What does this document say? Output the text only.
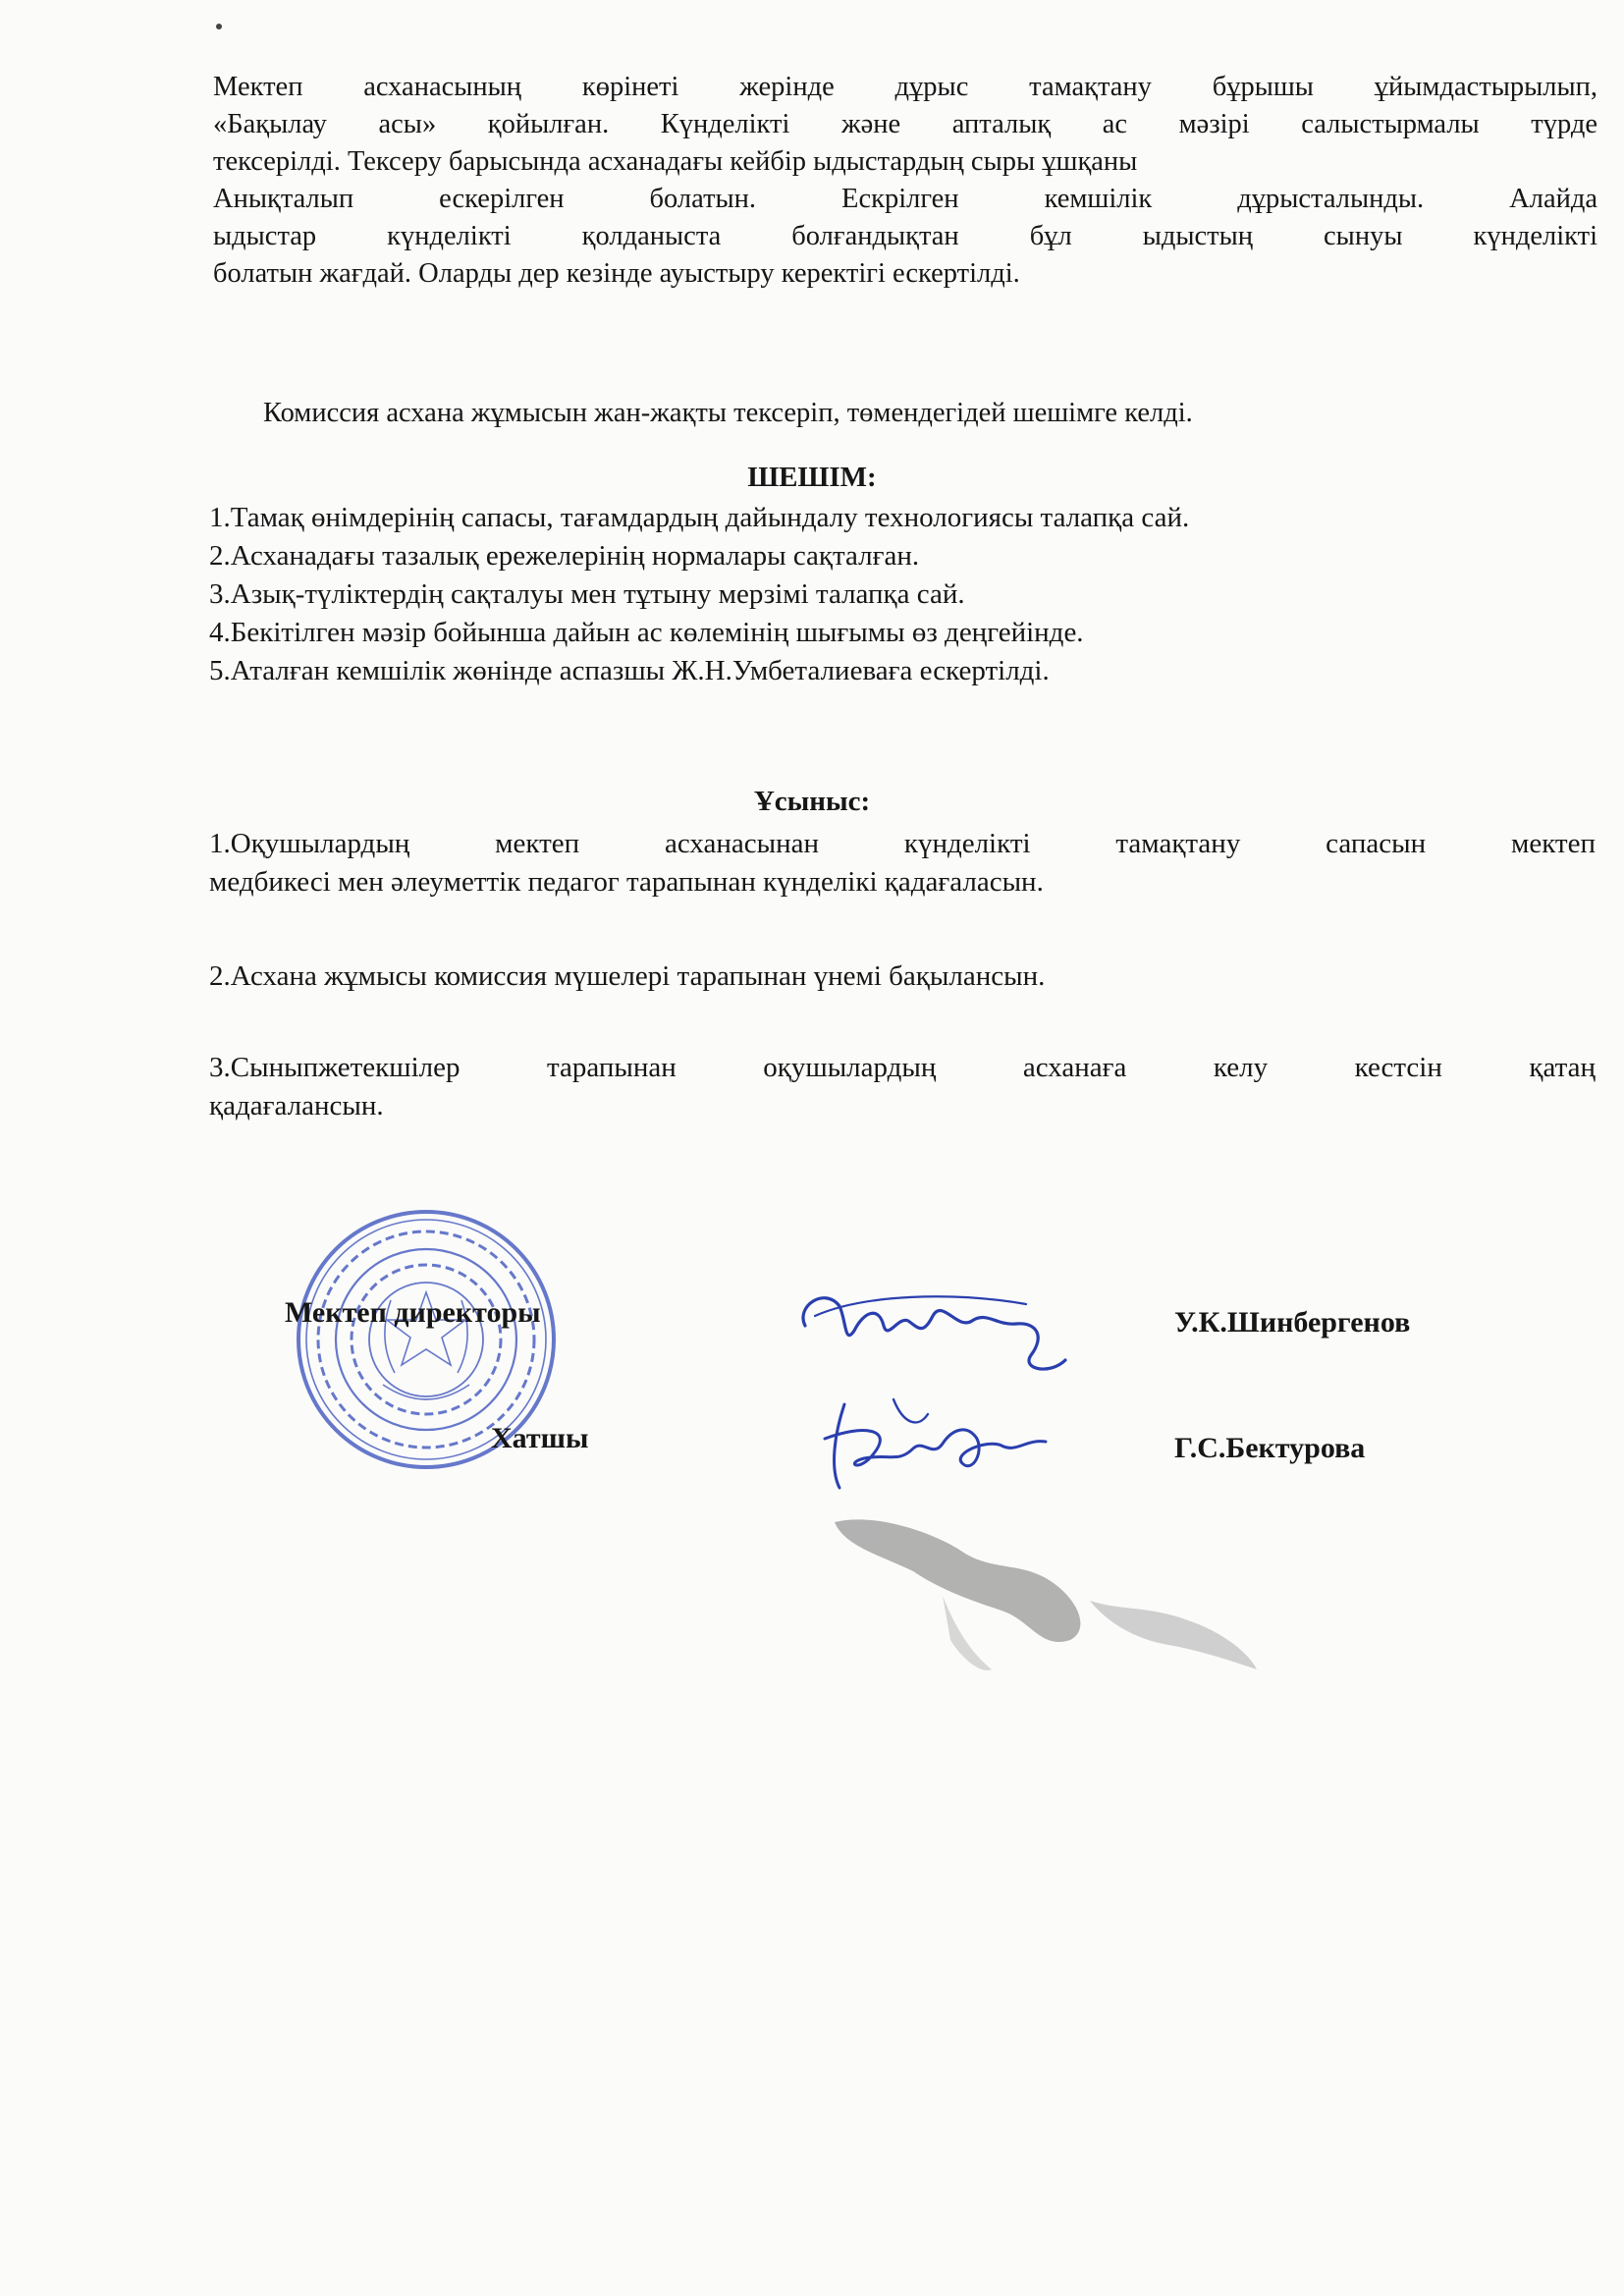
Мектеп асханасының көрінеті жерінде дұрыс тамақтану бұрышы ұйымдастырылып,
«Бақылау асы» қойылған. Күнделікті және апталық ас мәзірі салыстырмалы түрде
тексерілді. Тексеру барысында асханадағы кейбір ыдыстардың сыры ұшқаны
Анықталып ескерілген болатын. Ескрілген кемшілік дұрысталынды. Алайда
ыдыстар күнделікті қолданыста болғандықтан бұл ыдыстың сынуы күнделікті
болатын жағдай. Оларды дер кезінде ауыстыру керектігі ескертілді.
Комиссия асхана жұмысын жан-жақты тексеріп, төмендегідей шешімге келді.
ШЕШІМ:
1.Тамақ өнімдерінің сапасы, тағамдардың дайындалу технологиясы талапқа сай.
2.Асханадағы тазалық ережелерінің нормалары сақталған.
3.Азық-түліктердің сақталуы мен тұтыну мерзімі талапқа сай.
4.Бекітілген мәзір бойынша дайын ас көлемінің шығымы өз деңгейінде.
5.Аталған кемшілік жөнінде аспазшы Ж.Н.Умбеталиеваға ескертілді.
Ұсыныс:
1.Оқушылардың мектеп асханасынан күнделікті тамақтану сапасын мектеп
медбикесі мен әлеуметтік педагог тарапынан күнделікі қадағаласын.
2.Асхана жұмысы комиссия мүшелері тарапынан үнемі бақылансын.
3.Сыныпжетекшілер тарапынан оқушылардың асханаға келу кестсін қатаң
қадағалансын.
Мектеп директоры	У.К.Шинбергенов
Хатшы	Г.С.Бектурова
